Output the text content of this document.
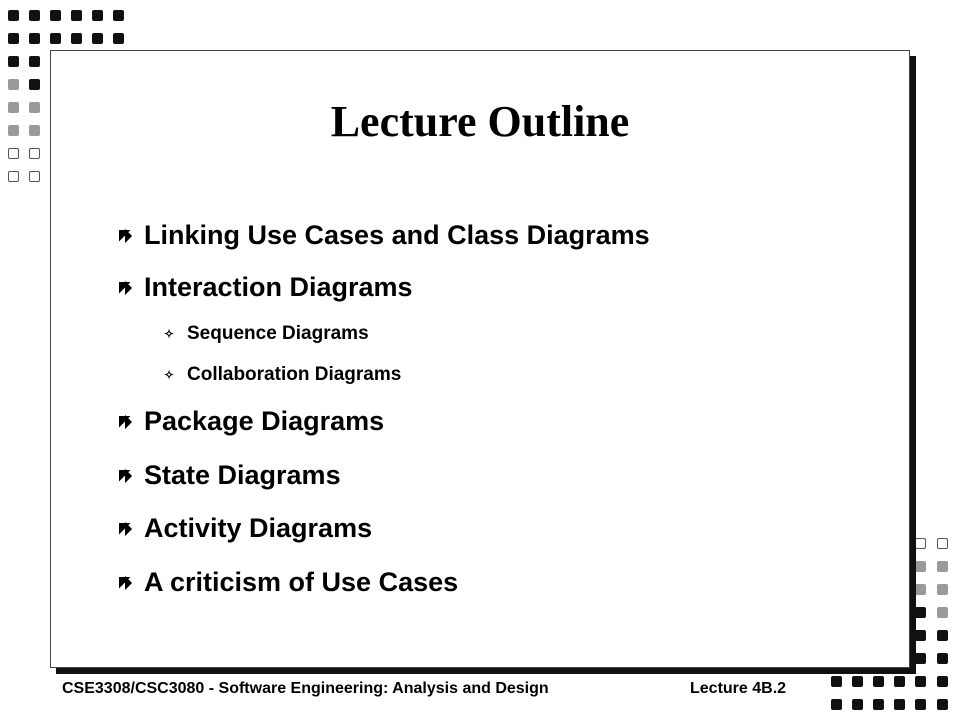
Lecture Outline
Linking Use Cases and Class Diagrams
Interaction Diagrams
✧ Sequence Diagrams
✧ Collaboration Diagrams
Package Diagrams
State Diagrams
Activity Diagrams
A criticism of Use Cases
CSE3308/CSC3080 - Software Engineering: Analysis and Design	Lecture 4B.2
